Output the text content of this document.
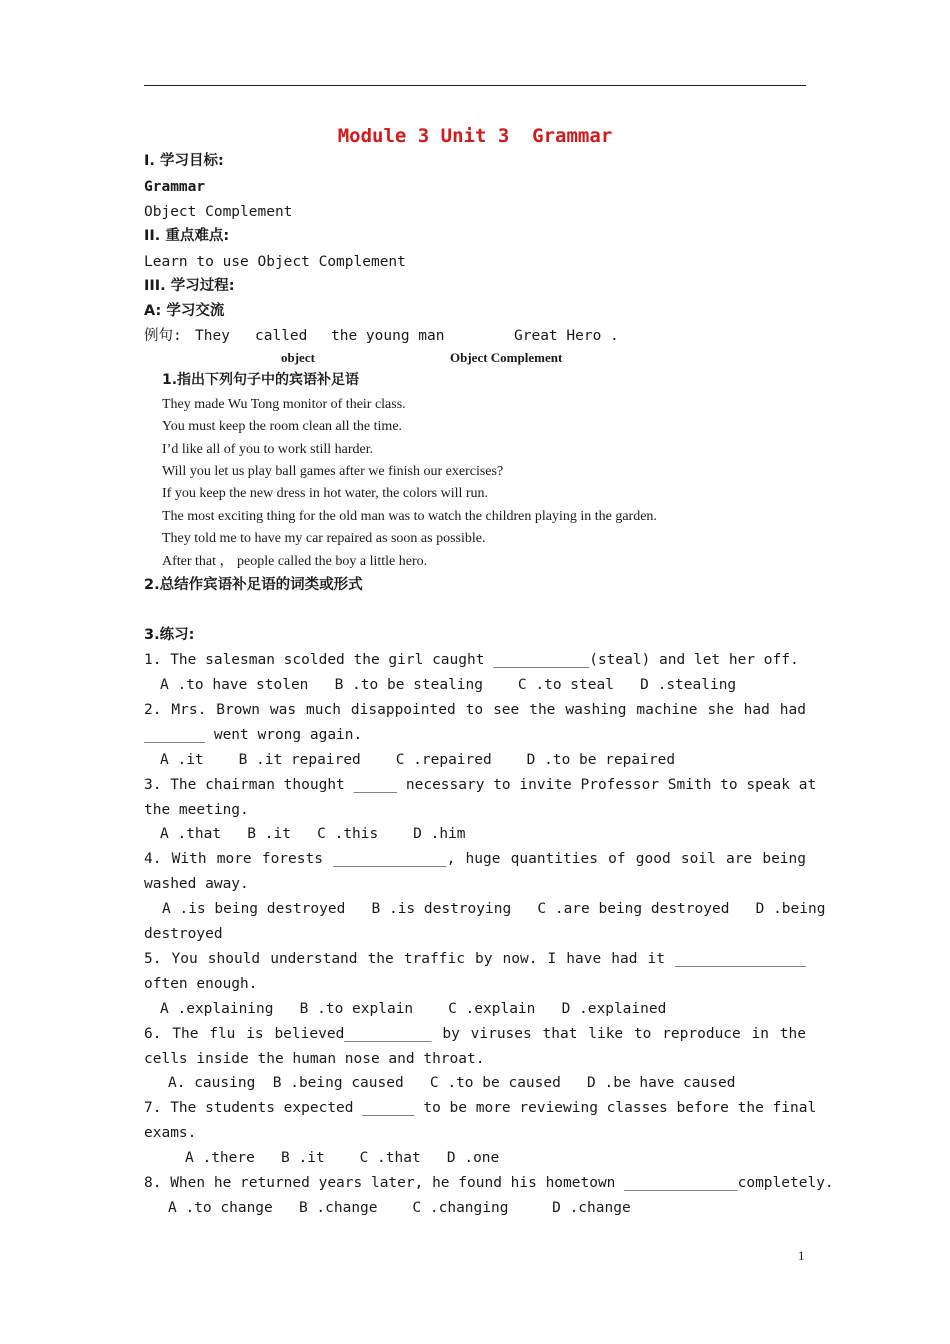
Module 3 Unit 3  Grammar
I. 学习目标:
Grammar
Object Complement
II. 重点难点:
Learn to use Object Complement
III. 学习过程:
A: 学习交流
例句: They called the young man	Great Hero .
object	Object Complement
1.指出下列句子中的宾语补足语
They made Wu Tong monitor of their class.
You must keep the room clean all the time.
I’d like all of you to work still harder.
Will you let us play ball games after we finish our exercises?
If you keep the new dress in hot water, the colors will run.
The most exciting thing for the old man was to watch the children playing in the garden.
They told me to have my car repaired as soon as possible.
After that ， people called the boy a little hero.
2.总结作宾语补足语的词类或形式
3.练习:
1. The salesman scolded the girl caught ___________(steal) and let her off.
A .to have stolen   B .to be stealing    C .to steal   D .stealing
2. Mrs. Brown was much disappointed to see the washing machine she had had
_______ went wrong again.
A .it    B .it repaired    C .repaired    D .to be repaired
3. The chairman thought _____ necessary to invite Professor Smith to speak at
the meeting.
A .that   B .it   C .this    D .him
4. With more forests _____________, huge quantities of good soil are being
washed away.
A .is being destroyed   B .is destroying   C .are being destroyed   D .being
destroyed
5. You should understand the traffic by now. I have had it _______________
often enough.
A .explaining   B .to explain    C .explain   D .explained
6. The flu is believed__________ by viruses that like to reproduce in the
cells inside the human nose and throat.
A. causing  B .being caused   C .to be caused   D .be have caused
7. The students expected ______ to be more reviewing classes before the final
exams.
A .there   B .it    C .that   D .one
8. When he returned years later, he found his hometown _____________completely.
A .to change   B .change    C .changing     D .change
1
